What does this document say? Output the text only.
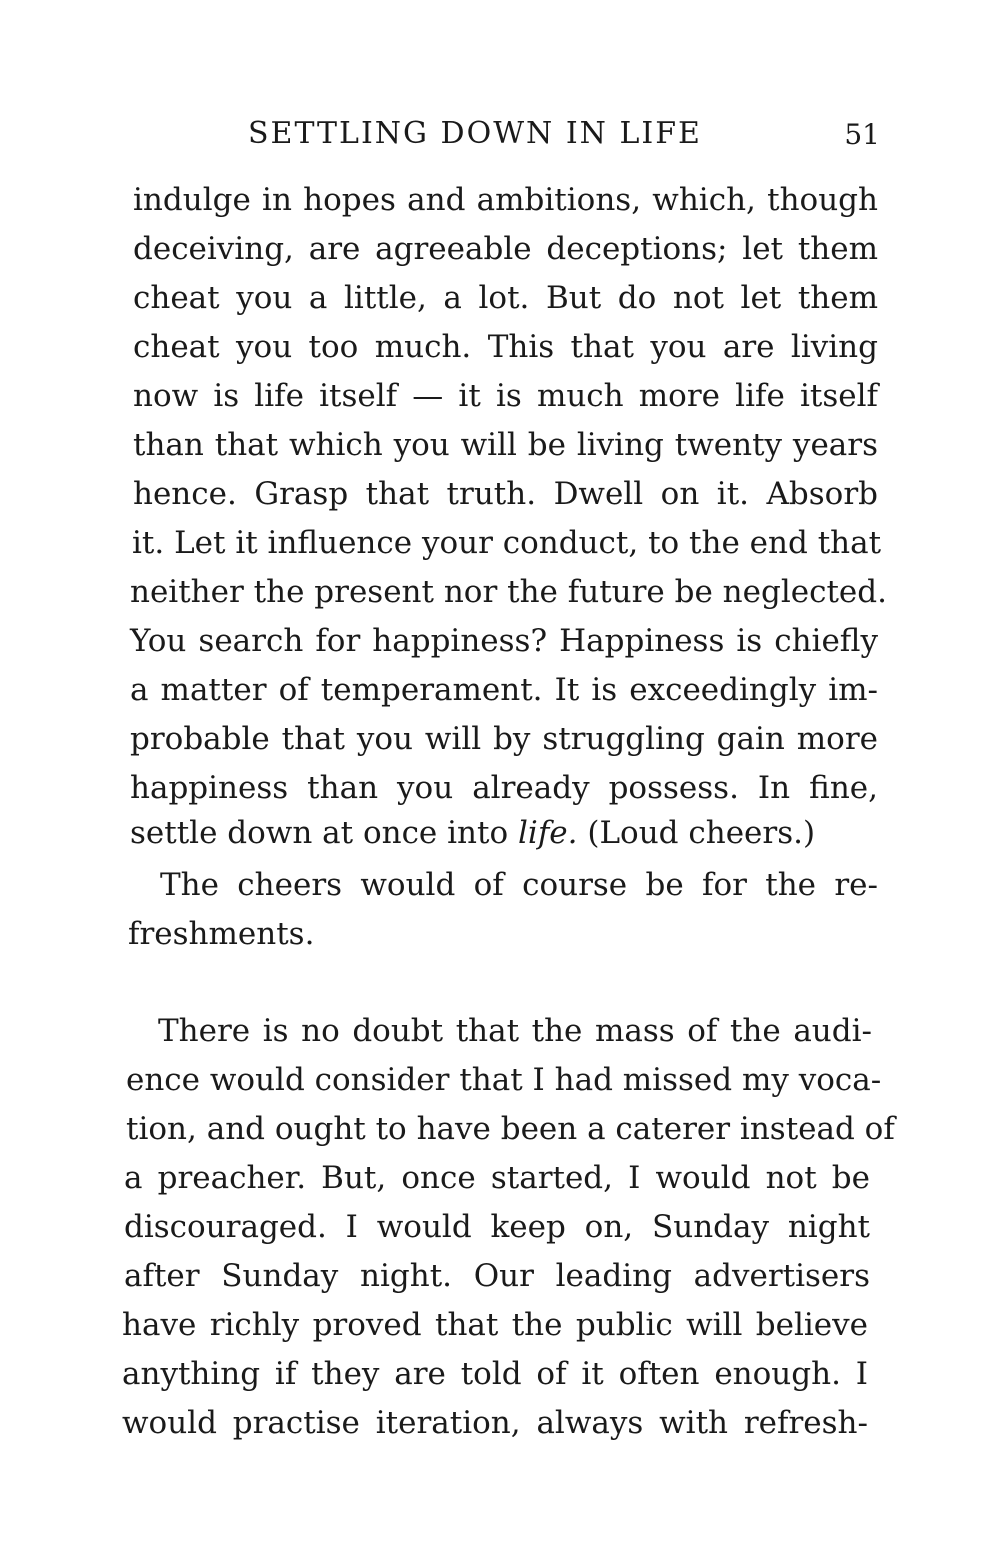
SETTLING DOWN IN LIFE	51
indulge in hopes and ambitions, which, though
deceiving, are agreeable deceptions; let them
cheat you a little, a lot. But do not let them
cheat you too much. This that you are living
now is life itself — it is much more life itself
than that which you will be living twenty years
hence. Grasp that truth. Dwell on it. Absorb
it. Let it influence your conduct, to the end that
neither the present nor the future be neglected.
You search for happiness? Happiness is chiefly
a matter of temperament. It is exceedingly im-
probable that you will by struggling gain more
happiness than you already possess. In fine,
settle down at once into life. (Loud cheers.)
The cheers would of course be for the re-
freshments.
There is no doubt that the mass of the audi-
ence would consider that I had missed my voca-
tion, and ought to have been a caterer instead of
a preacher. But, once started, I would not be
discouraged. I would keep on, Sunday night
after Sunday night. Our leading advertisers
have richly proved that the public will believe
anything if they are told of it often enough. I
would practise iteration, always with refresh-
